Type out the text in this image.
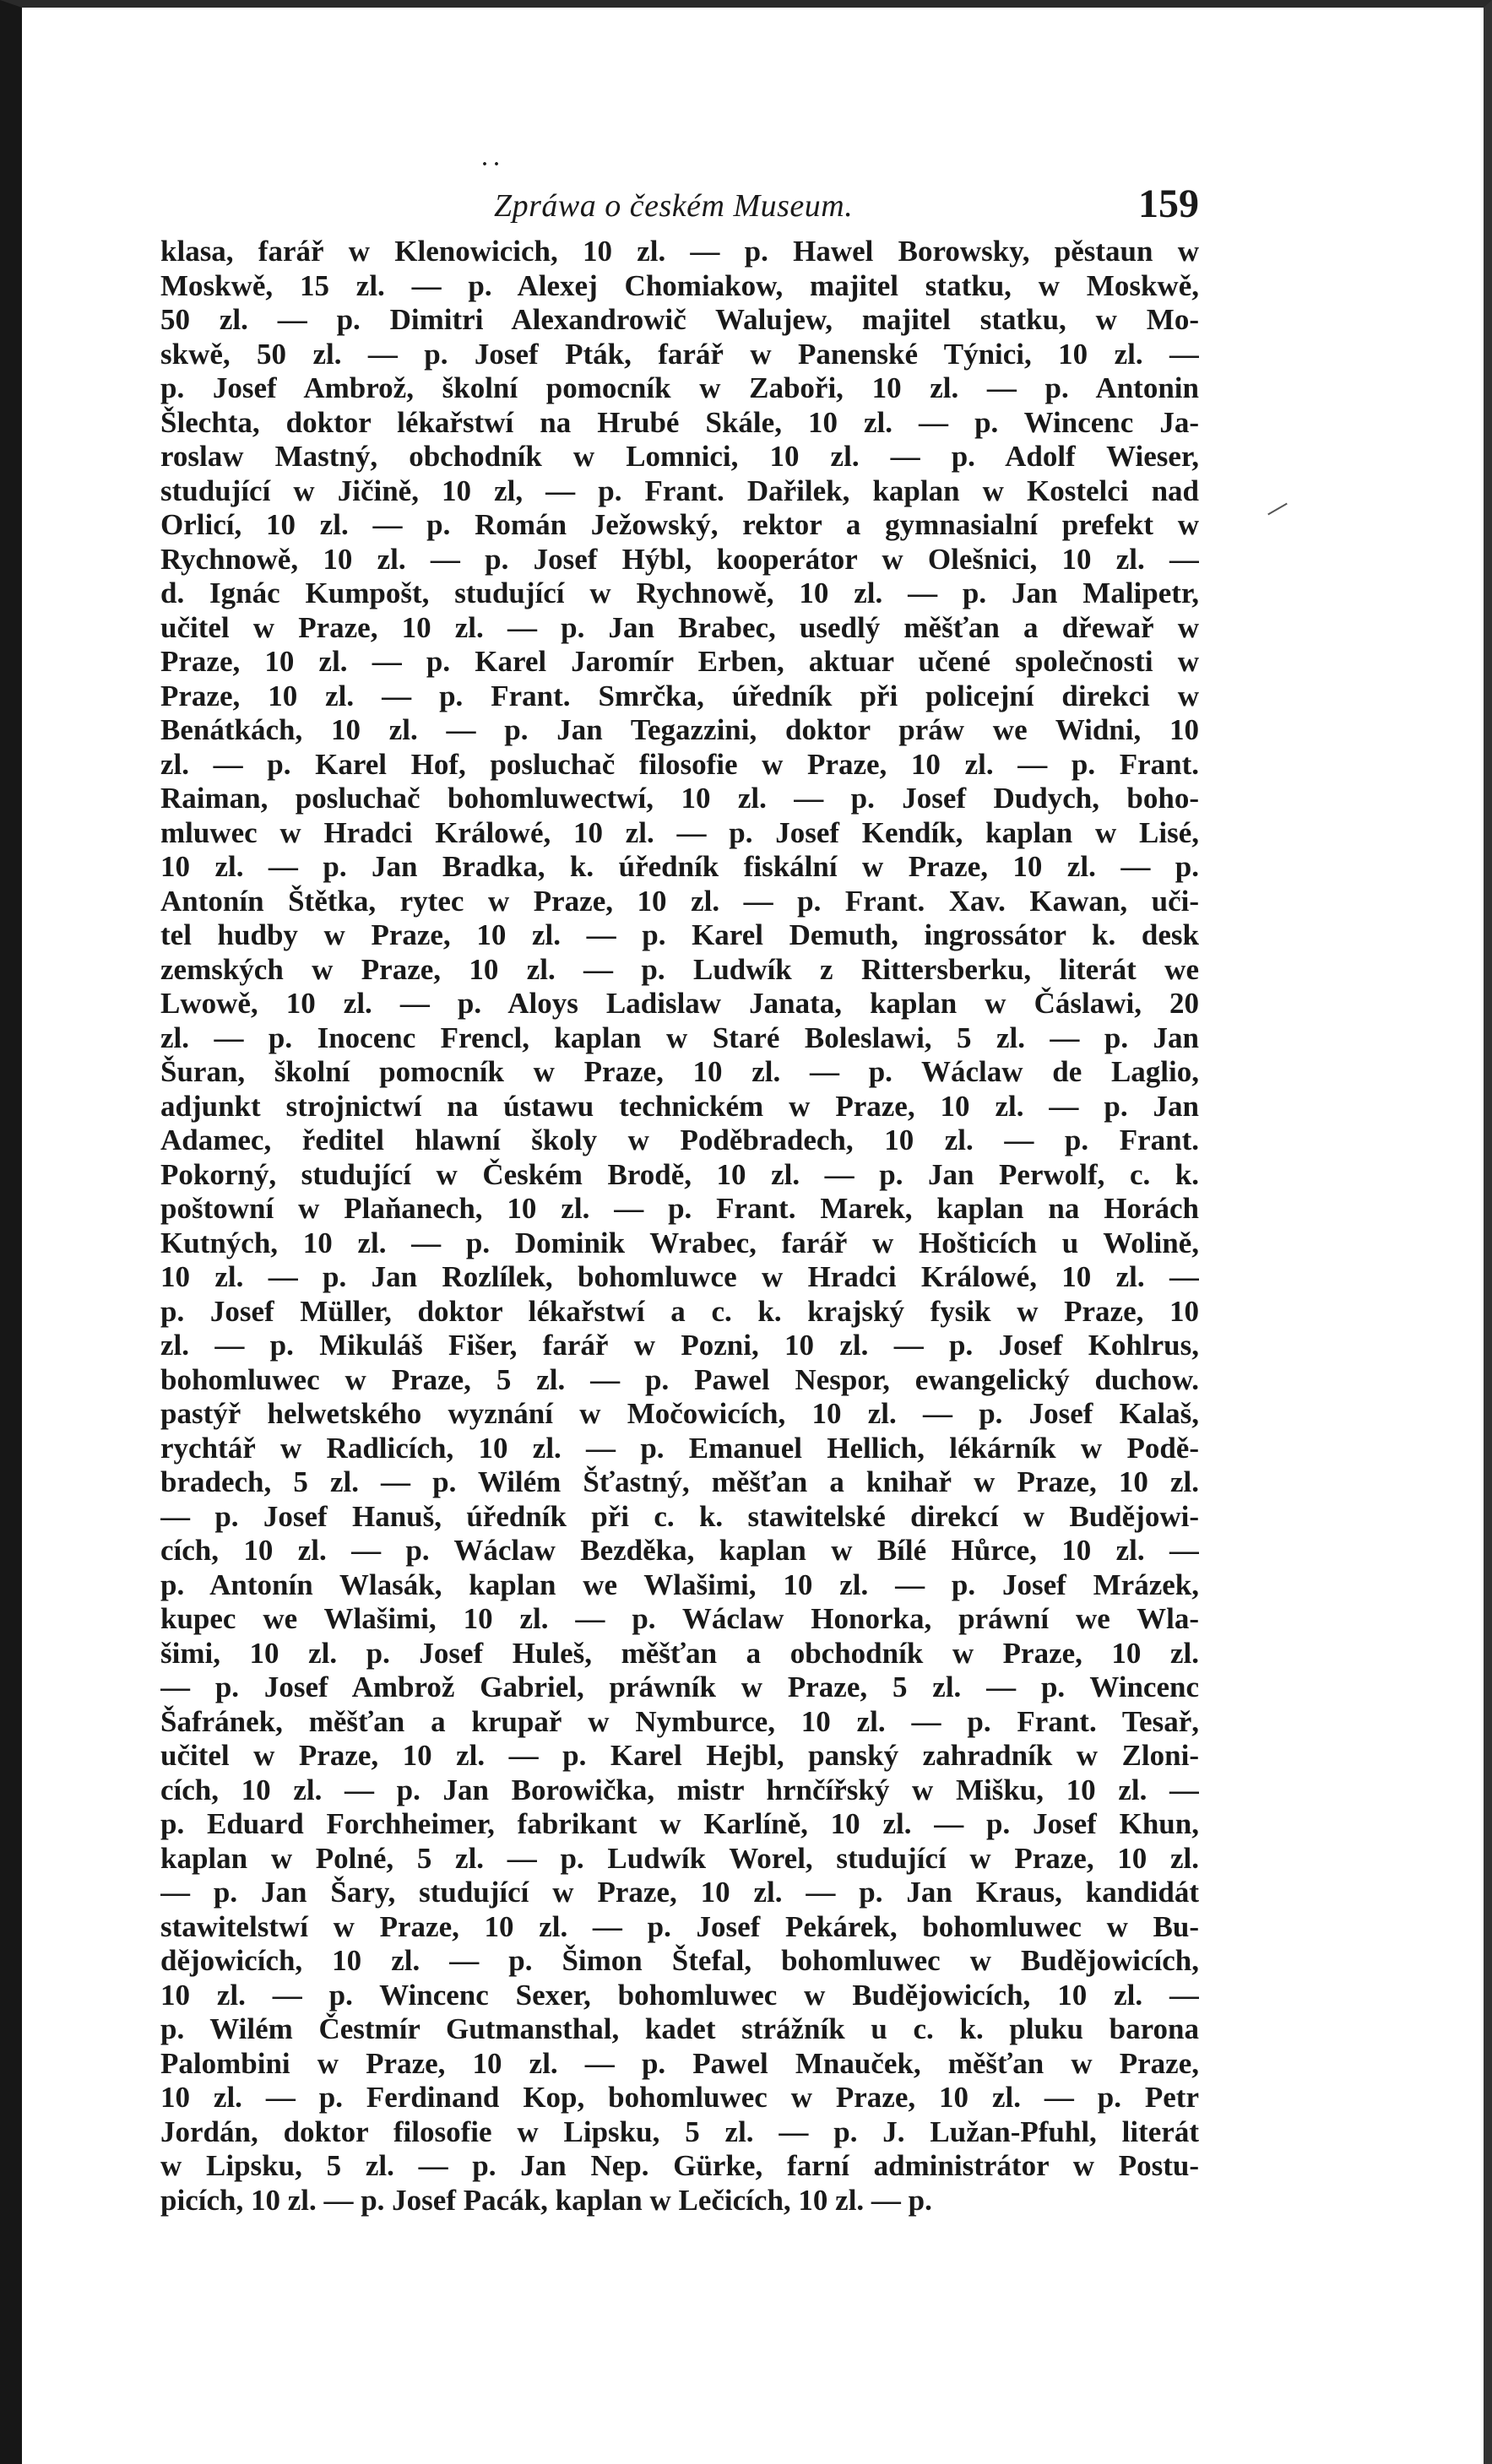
· ·
Zpráwa o českém Museum.	159
klasa, farář w Klenowicich, 10 zl. — p. Hawel Borowsky, pěstaun w
Moskwě, 15 zl. — p. Alexej Chomiakow, majitel statku, w Moskwě,
50 zl. — p. Dimitri Alexandrowič Walujew, majitel statku, w Mo-
skwě, 50 zl. — p. Josef Pták, farář w Panenské Týnici, 10 zl. —
p. Josef Ambrož, školní pomocník w Zaboři, 10 zl. — p. Antonin
Šlechta, doktor lékařstwí na Hrubé Skále, 10 zl. — p. Wincenc Ja-
roslaw Mastný, obchodník w Lomnici, 10 zl. — p. Adolf Wieser,
studující w Jičině, 10 zl, — p. Frant. Dařilek, kaplan w Kostelci nad
Orlicí, 10 zl. — p. Román Ježowský, rektor a gymnasialní prefekt w
Rychnowě, 10 zl. — p. Josef Hýbl, kooperátor w Olešnici, 10 zl. —
d. Ignác Kumpošt, studující w Rychnowě, 10 zl. — p. Jan Malipetr,
učitel w Praze, 10 zl. — p. Jan Brabec, usedlý měšťan a dřewař w
Praze, 10 zl. — p. Karel Jaromír Erben, aktuar učené společnosti w
Praze, 10 zl. — p. Frant. Smrčka, úředník při policejní direkci w
Benátkách, 10 zl. — p. Jan Tegazzini, doktor práw we Widni, 10
zl. — p. Karel Hof, posluchač filosofie w Praze, 10 zl. — p. Frant.
Raiman, posluchač bohomluwectwí, 10 zl. — p. Josef Dudych, boho-
mluwec w Hradci Králowé, 10 zl. — p. Josef Kendík, kaplan w Lisé,
10 zl. — p. Jan Bradka, k. úředník fiskální w Praze, 10 zl. — p.
Antonín Štětka, rytec w Praze, 10 zl. — p. Frant. Xav. Kawan, uči-
tel hudby w Praze, 10 zl. — p. Karel Demuth, ingrossátor k. desk
zemských w Praze, 10 zl. — p. Ludwík z Rittersberku, literát we
Lwowě, 10 zl. — p. Aloys Ladislaw Janata, kaplan w Čáslawi, 20
zl. — p. Inocenc Frencl, kaplan w Staré Boleslawi, 5 zl. — p. Jan
Šuran, školní pomocník w Praze, 10 zl. — p. Wáclaw de Laglio,
adjunkt strojnictwí na ústawu technickém w Praze, 10 zl. — p. Jan
Adamec, ředitel hlawní školy w Poděbradech, 10 zl. — p. Frant.
Pokorný, studující w Českém Brodě, 10 zl. — p. Jan Perwolf, c. k.
poštowní w Plaňanech, 10 zl. — p. Frant. Marek, kaplan na Horách
Kutných, 10 zl. — p. Dominik Wrabec, farář w Hošticích u Wolině,
10 zl. — p. Jan Rozlílek, bohomluwce w Hradci Králowé, 10 zl. —
p. Josef Müller, doktor lékařstwí a c. k. krajský fysik w Praze, 10
zl. — p. Mikuláš Fišer, farář w Pozni, 10 zl. — p. Josef Kohlrus,
bohomluwec w Praze, 5 zl. — p. Pawel Nespor, ewangelický duchow.
pastýř helwetského wyznání w Močowicích, 10 zl. — p. Josef Kalaš,
rychtář w Radlicích, 10 zl. — p. Emanuel Hellich, lékárník w Podě-
bradech, 5 zl. — p. Wilém Šťastný, měšťan a knihař w Praze, 10 zl.
— p. Josef Hanuš, úředník při c. k. stawitelské direkcí w Budějowi-
cích, 10 zl. — p. Wáclaw Bezděka, kaplan w Bílé Hůrce, 10 zl. —
p. Antonín Wlasák, kaplan we Wlašimi, 10 zl. — p. Josef Mrázek,
kupec we Wlašimi, 10 zl. — p. Wáclaw Honorka, práwní we Wla-
šimi, 10 zl. p. Josef Huleš, měšťan a obchodník w Praze, 10 zl.
— p. Josef Ambrož Gabriel, práwník w Praze, 5 zl. — p. Wincenc
Šafránek, měšťan a krupař w Nymburce, 10 zl. — p. Frant. Tesař,
učitel w Praze, 10 zl. — p. Karel Hejbl, panský zahradník w Zloni-
cích, 10 zl. — p. Jan Borowička, mistr hrnčířský w Mišku, 10 zl. —
p. Eduard Forchheimer, fabrikant w Karlíně, 10 zl. — p. Josef Khun,
kaplan w Polné, 5 zl. — p. Ludwík Worel, studující w Praze, 10 zl.
— p. Jan Šary, studující w Praze, 10 zl. — p. Jan Kraus, kandidát
stawitelstwí w Praze, 10 zl. — p. Josef Pekárek, bohomluwec w Bu-
dějowicích, 10 zl. — p. Šimon Štefal, bohomluwec w Budějowicích,
10 zl. — p. Wincenc Sexer, bohomluwec w Budějowicích, 10 zl. —
p. Wilém Čestmír Gutmansthal, kadet strážník u c. k. pluku barona
Palombini w Praze, 10 zl. — p. Pawel Mnauček, měšťan w Praze,
10 zl. — p. Ferdinand Kop, bohomluwec w Praze, 10 zl. — p. Petr
Jordán, doktor filosofie w Lipsku, 5 zl. — p. J. Lužan-Pfuhl, literát
w Lipsku, 5 zl. — p. Jan Nep. Gürke, farní administrátor w Postu-
picích, 10 zl. — p. Josef Pacák, kaplan w Lečicích, 10 zl. — p.
